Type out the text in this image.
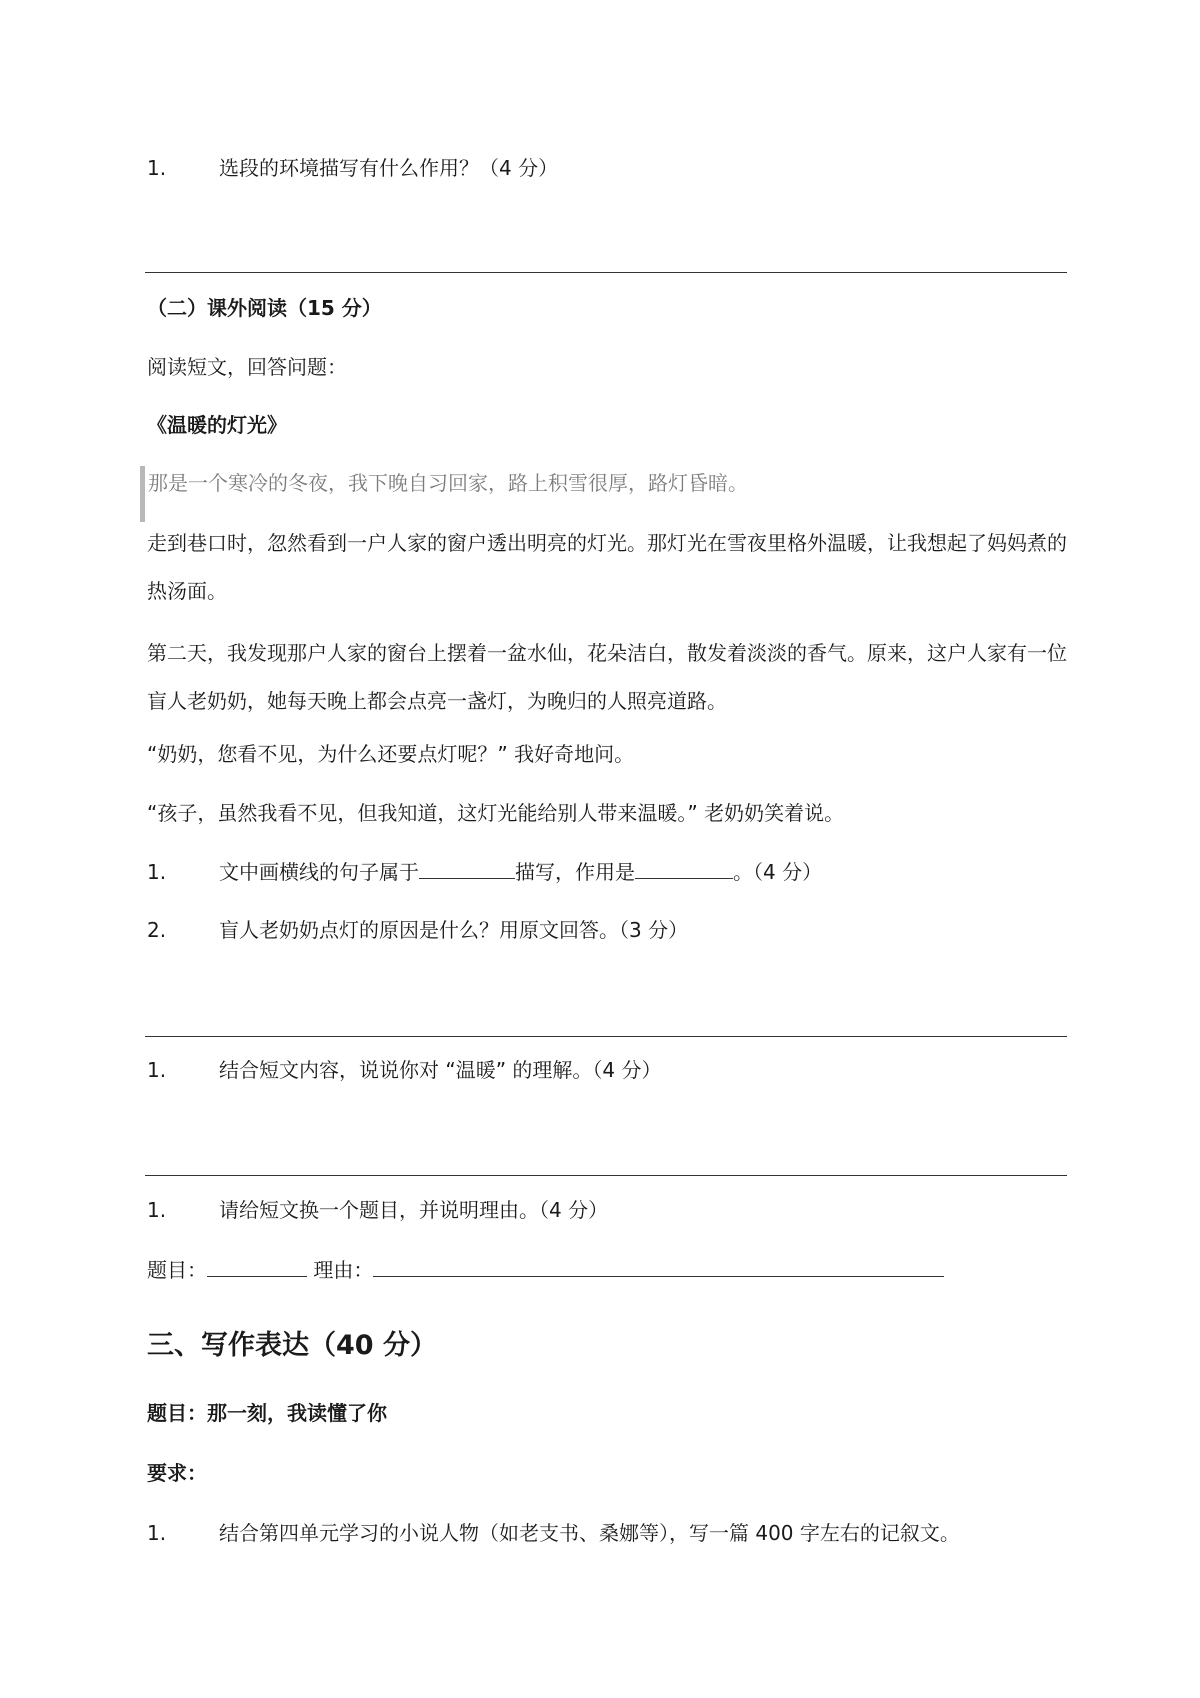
1.	选段的环境描写有什么作用？（4 分）
（二）课外阅读（15 分）
阅读短文，回答问题：
《温暖的灯光》
那是一个寒冷的冬夜，我下晚自习回家，路上积雪很厚，路灯昏暗。
走到巷口时，忽然看到一户人家的窗户透出明亮的灯光。那灯光在雪夜里格外温暖，让我想起了妈妈煮的热汤面。
第二天，我发现那户人家的窗台上摆着一盆水仙，花朵洁白，散发着淡淡的香气。原来，这户人家有一位盲人老奶奶，她每天晚上都会点亮一盏灯，为晚归的人照亮道路。
“奶奶，您看不见，为什么还要点灯呢？” 我好奇地问。
“孩子，虽然我看不见，但我知道，这灯光能给别人带来温暖。” 老奶奶笑着说。
1.	文中画横线的句子属于	描写，作用是	。（4 分）
2.	盲人老奶奶点灯的原因是什么？用原文回答。（3 分）
1.	结合短文内容，说说你对 “温暖” 的理解。（4 分）
1.	请给短文换一个题目，并说明理由。（4 分）
题目：	理由：
三、写作表达（40 分）
题目：那一刻，我读懂了你
要求：
1.	结合第四单元学习的小说人物（如老支书、桑娜等），写一篇 400 字左右的记叙文。
